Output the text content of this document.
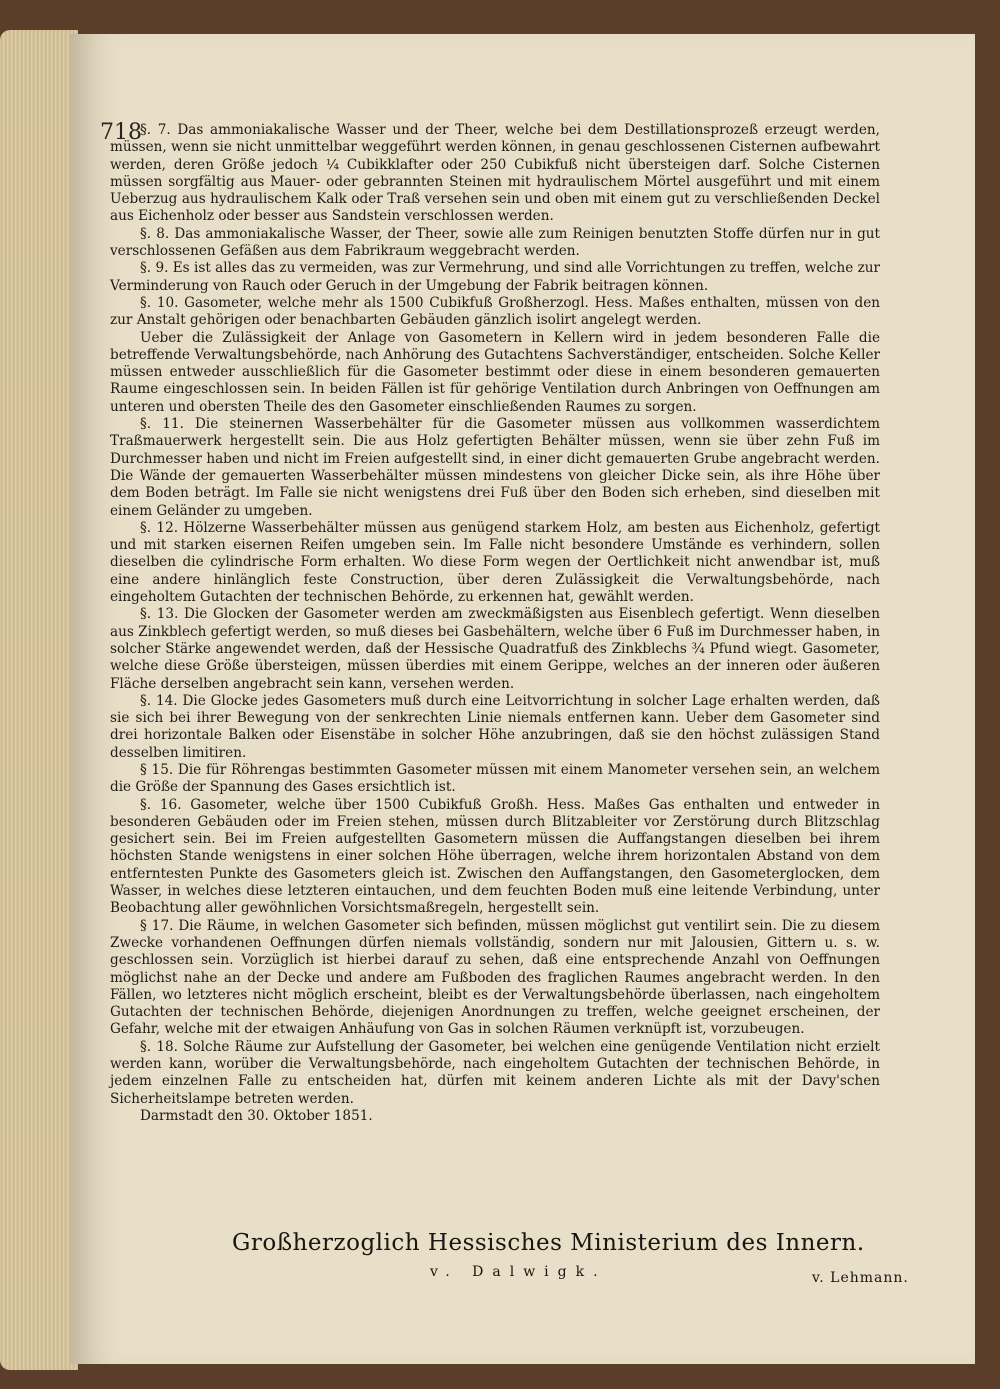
718

§. 7. Das ammoniakalische Wasser und der Theer, welche bei dem Destillationsprozeß erzeugt werden, müssen, wenn sie nicht unmittelbar weggeführt werden können, in genau geschlossenen Cisternen aufbewahrt werden, deren Größe jedoch ¼ Cubikklafter oder 250 Cubikfuß nicht übersteigen darf. Solche Cisternen müssen sorgfältig aus Mauer- oder gebrannten Steinen mit hydraulischem Mörtel ausgeführt und mit einem Ueberzug aus hydraulischem Kalk oder Traß versehen sein und oben mit einem gut zu verschließenden Deckel aus Eichenholz oder besser aus Sandstein verschlossen werden.

§. 8. Das ammoniakalische Wasser, der Theer, sowie alle zum Reinigen benutzten Stoffe dürfen nur in gut verschlossenen Gefäßen aus dem Fabrikraum weggebracht werden.

§. 9. Es ist alles das zu vermeiden, was zur Vermehrung, und sind alle Vorrichtungen zu treffen, welche zur Verminderung von Rauch oder Geruch in der Umgebung der Fabrik beitragen können.

§. 10. Gasometer, welche mehr als 1500 Cubikfuß Großherzogl. Hess. Maßes enthalten, müssen von den zur Anstalt gehörigen oder benachbarten Gebäuden gänzlich isolirt angelegt werden.

Ueber die Zulässigkeit der Anlage von Gasometern in Kellern wird in jedem besonderen Falle die betreffende Verwaltungsbehörde, nach Anhörung des Gutachtens Sachverständiger, entscheiden. Solche Keller müssen entweder ausschließlich für die Gasometer bestimmt oder diese in einem besonderen gemauerten Raume eingeschlossen sein. In beiden Fällen ist für gehörige Ventilation durch Anbringen von Oeffnungen am unteren und obersten Theile des den Gasometer einschließenden Raumes zu sorgen.

§. 11. Die steinernen Wasserbehälter für die Gasometer müssen aus vollkommen wasserdichtem Traßmauerwerk hergestellt sein. Die aus Holz gefertigten Behälter müssen, wenn sie über zehn Fuß im Durchmesser haben und nicht im Freien aufgestellt sind, in einer dicht gemauerten Grube angebracht werden. Die Wände der gemauerten Wasserbehälter müssen mindestens von gleicher Dicke sein, als ihre Höhe über dem Boden beträgt. Im Falle sie nicht wenigstens drei Fuß über den Boden sich erheben, sind dieselben mit einem Geländer zu umgeben.

§. 12. Hölzerne Wasserbehälter müssen aus genügend starkem Holz, am besten aus Eichenholz, gefertigt und mit starken eisernen Reifen umgeben sein. Im Falle nicht besondere Umstände es verhindern, sollen dieselben die cylindrische Form erhalten. Wo diese Form wegen der Oertlichkeit nicht anwendbar ist, muß eine andere hinlänglich feste Construction, über deren Zulässigkeit die Verwaltungsbehörde, nach eingeholtem Gutachten der technischen Behörde, zu erkennen hat, gewählt werden.

§. 13. Die Glocken der Gasometer werden am zweckmäßigsten aus Eisenblech gefertigt. Wenn dieselben aus Zinkblech gefertigt werden, so muß dieses bei Gasbehältern, welche über 6 Fuß im Durchmesser haben, in solcher Stärke angewendet werden, daß der Hessische Quadratfuß des Zinkblechs ¾ Pfund wiegt. Gasometer, welche diese Größe übersteigen, müssen überdies mit einem Gerippe, welches an der inneren oder äußeren Fläche derselben angebracht sein kann, versehen werden.

§. 14. Die Glocke jedes Gasometers muß durch eine Leitvorrichtung in solcher Lage erhalten werden, daß sie sich bei ihrer Bewegung von der senkrechten Linie niemals entfernen kann. Ueber dem Gasometer sind drei horizontale Balken oder Eisenstäbe in solcher Höhe anzubringen, daß sie den höchst zulässigen Stand desselben limitiren.

§ 15. Die für Röhrengas bestimmten Gasometer müssen mit einem Manometer versehen sein, an welchem die Größe der Spannung des Gases ersichtlich ist.

§. 16. Gasometer, welche über 1500 Cubikfuß Großh. Hess. Maßes Gas enthalten und entweder in besonderen Gebäuden oder im Freien stehen, müssen durch Blitzableiter vor Zerstörung durch Blitzschlag gesichert sein. Bei im Freien aufgestellten Gasometern müssen die Auffangstangen dieselben bei ihrem höchsten Stande wenigstens in einer solchen Höhe überragen, welche ihrem horizontalen Abstand von dem entferntesten Punkte des Gasometers gleich ist. Zwischen den Auffangstangen, den Gasometerglocken, dem Wasser, in welches diese letzteren eintauchen, und dem feuchten Boden muß eine leitende Verbindung, unter Beobachtung aller gewöhnlichen Vorsichtsmaßregeln, hergestellt sein.

§ 17. Die Räume, in welchen Gasometer sich befinden, müssen möglichst gut ventilirt sein. Die zu diesem Zwecke vorhandenen Oeffnungen dürfen niemals vollständig, sondern nur mit Jalousien, Gittern u. s. w. geschlossen sein. Vorzüglich ist hierbei darauf zu sehen, daß eine entsprechende Anzahl von Oeffnungen möglichst nahe an der Decke und andere am Fußboden des fraglichen Raumes angebracht werden. In den Fällen, wo letzteres nicht möglich erscheint, bleibt es der Verwaltungsbehörde überlassen, nach eingeholtem Gutachten der technischen Behörde, diejenigen Anordnungen zu treffen, welche geeignet erscheinen, der Gefahr, welche mit der etwaigen Anhäufung von Gas in solchen Räumen verknüpft ist, vorzubeugen.

§. 18. Solche Räume zur Aufstellung der Gasometer, bei welchen eine genügende Ventilation nicht erzielt werden kann, worüber die Verwaltungsbehörde, nach eingeholtem Gutachten der technischen Behörde, in jedem einzelnen Falle zu entscheiden hat, dürfen mit keinem anderen Lichte als mit der Davy'schen Sicherheitslampe betreten werden.

Darmstadt den 30. Oktober 1851.

Großherzoglich Hessisches Ministerium des Innern.
v. Dalwigk.	v. Lehmann.
